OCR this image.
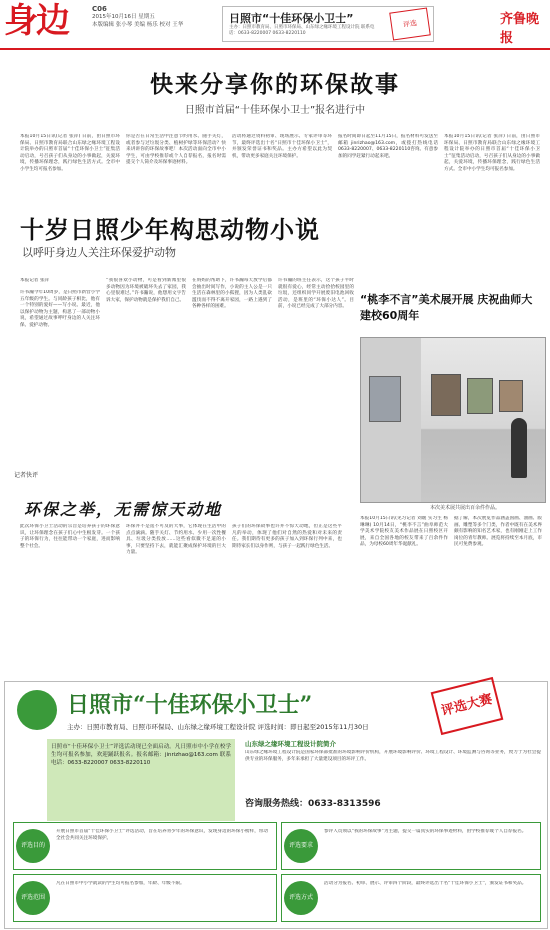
身边	C06
2015年10月16日 星期五
本版编辑 张小琴 美编 杨乐 校对 王华	日照市“十佳环保小卫士”
主办：日照市教育局、日照市环保局、山东绿之缘环境工程设计院 联系电话：0633-8220007 0633-8220110
评选	齐鲁晚报
快来分享你的环保故事
日照市首届“十佳环保小卫士”报名进行中
本报10月15日讯(记者 张萍) 日前，由日照市环保局、日照市教育局联合山东绿之缘环境工程设计院举办的日照市首届“十佳环保小卫士”征集活动启动，号召孩子们从身边的小事做起，关爱环境，传播环保理念，践行绿色生活方式。全市中小学生均可报名参加。
你是否在日常生活中注意节约用水、随手关灯，或者参与过垃圾分类、植树护绿等环保活动？快来讲讲你的环保故事吧！本次活动面向全市中小学生，可由学校推荐或个人自荐报名，报名时需提交个人简介及环保事迹材料。
活动将通过资料初审、现场展示、专家评审等环节，最终评选出十名“日照市十佳环保小卫士”，并颁发荣誉证书和奖品。主办方希望以此为契机，带动更多家庭关注环境保护。
报名时间即日起至11月15日，报名材料可发送至邮箱 jinrizhao@163.com，或拨打热线电话0633-8220007、0633-8220110咨询。有意参加的同学赶紧行动起来吧。
本报10月15日讯(记者 张萍) 日前，由日照市环保局、日照市教育局联合山东绿之缘环境工程设计院举办的日照市首届“十佳环保小卫士”征集活动启动，号召孩子们从身边的小事做起，关爱环境，传播环保理念，践行绿色生活方式。全市中小学生均可报名参加。
十岁日照少年构思动物小说
以呼吁身边人关注环保爱护动物
本报记者 张萍
许书瀚今年10周岁，是日照市新营小学五年级的学生。与同龄孩子相比，他有一个特别的爱好——写小说。最近，他以保护动物为主题，构思了一部动物小说，希望通过故事呼吁身边的人关注环保、爱护动物。
“我很喜欢小动物，可是看到新闻里很多动物因为环境被破坏失去了家园，我心里很难过。”许书瀚说，他想用文字告诉大家，保护动物就是保护我们自己。
在妈妈的帮助下，许书瀚每天放学后都会抽出时间写作，小说的主人公是一只生活在森林里的小狐狸，因为人类乱砍滥伐而不得不离开家园，一路上遇到了各种各样的困难。
许书瀚的班主任表示，这个孩子平时就很有爱心，经常主动捡拾校园里的垃圾，还组织同学开展废旧电池回收活动，是班里的“环保小达人”。目前，小说已经完成了大部分内容。
“桃李不言”美术展开展 庆祝曲师大建校60周年
本次美术展共展出百余件作品。
本报10月15日讯(见习记者 刘媛 实习生 杨琳琳) 10月14日，“桃李不言”曲阜师范大学美术学院校友美术作品展在日照校区开展，来自全国各地的校友带来了百余件作品，为母校60周年华诞献礼。
据了解，本次展览作品涵盖国画、油画、版画、雕塑等多个门类，作者中既有在美术界颇有影响的知名艺术家，也有刚刚走上工作岗位的青年教师。展览将持续至本月底，市民可免费参观。
记者快评
环保之举，无需惊天动地
此次环保小卫士活动的宗旨是培养孩子的环保意识，让环保理念在孩子们心中生根发芽。一个孩子的环保行为，往往能带动一个家庭，进而影响整个社会。
环保并不是遥不可及的大事，它体现在生活中的点点滴滴。随手关灯、节约用水、少用一次性餐具、垃圾分类投放……这些看似微不足道的小事，只要坚持下去，就能汇聚成保护环境的巨大力量。
孩子们的环保故事也许并不惊天动地，但正是这些平凡的举动，体现了他们对自然的热爱和对未来的责任。我们期待有更多的孩子加入到环保行列中来，也期待家长们以身作则，与孩子一起践行绿色生活。
日照市“十佳环保小卫士”	评选大赛
主办：日照市教育局、日照市环保局、山东绿之缘环境工程设计院 评选时间：即日起至2015年11月30日
日照市“十佳环保小卫士”评选活动现已全面启动。凡日照市中小学在校学生均可报名参加，欢迎踊跃报名。报名邮箱：jinrizhao@163.com 联系电话：0633-8220007 0633-8220110
山东绿之缘环境工程设计院简介
山东绿之缘环境工程设计院是国家环保部批准的环境影响评价机构，开展环境影响评价、环境工程设计、环境监测与咨询等业务，致力于为社会提供专业的环保服务，多年来承担了大量建设项目的环评工作。
咨询服务热线：0633-8313596
评选目的
开展日照市首届“十佳环保小卫士”评选活动，旨在培养青少年的环保意识，发现身边的环保小榜样，带动全社会共同关注环境保护。
评选要求
参评人员须以“我的环保故事”为主题，提交一篇真实的环保事迹材料，由学校推荐或个人自荐报名。
评选范围
凡在日照市中小学就读的学生均可报名参加，年龄、年级不限。
评选方式
活动分为报名、初审、展示、评审四个阶段，最终评选出十名“十佳环保小卫士”，颁发证书和奖品。
